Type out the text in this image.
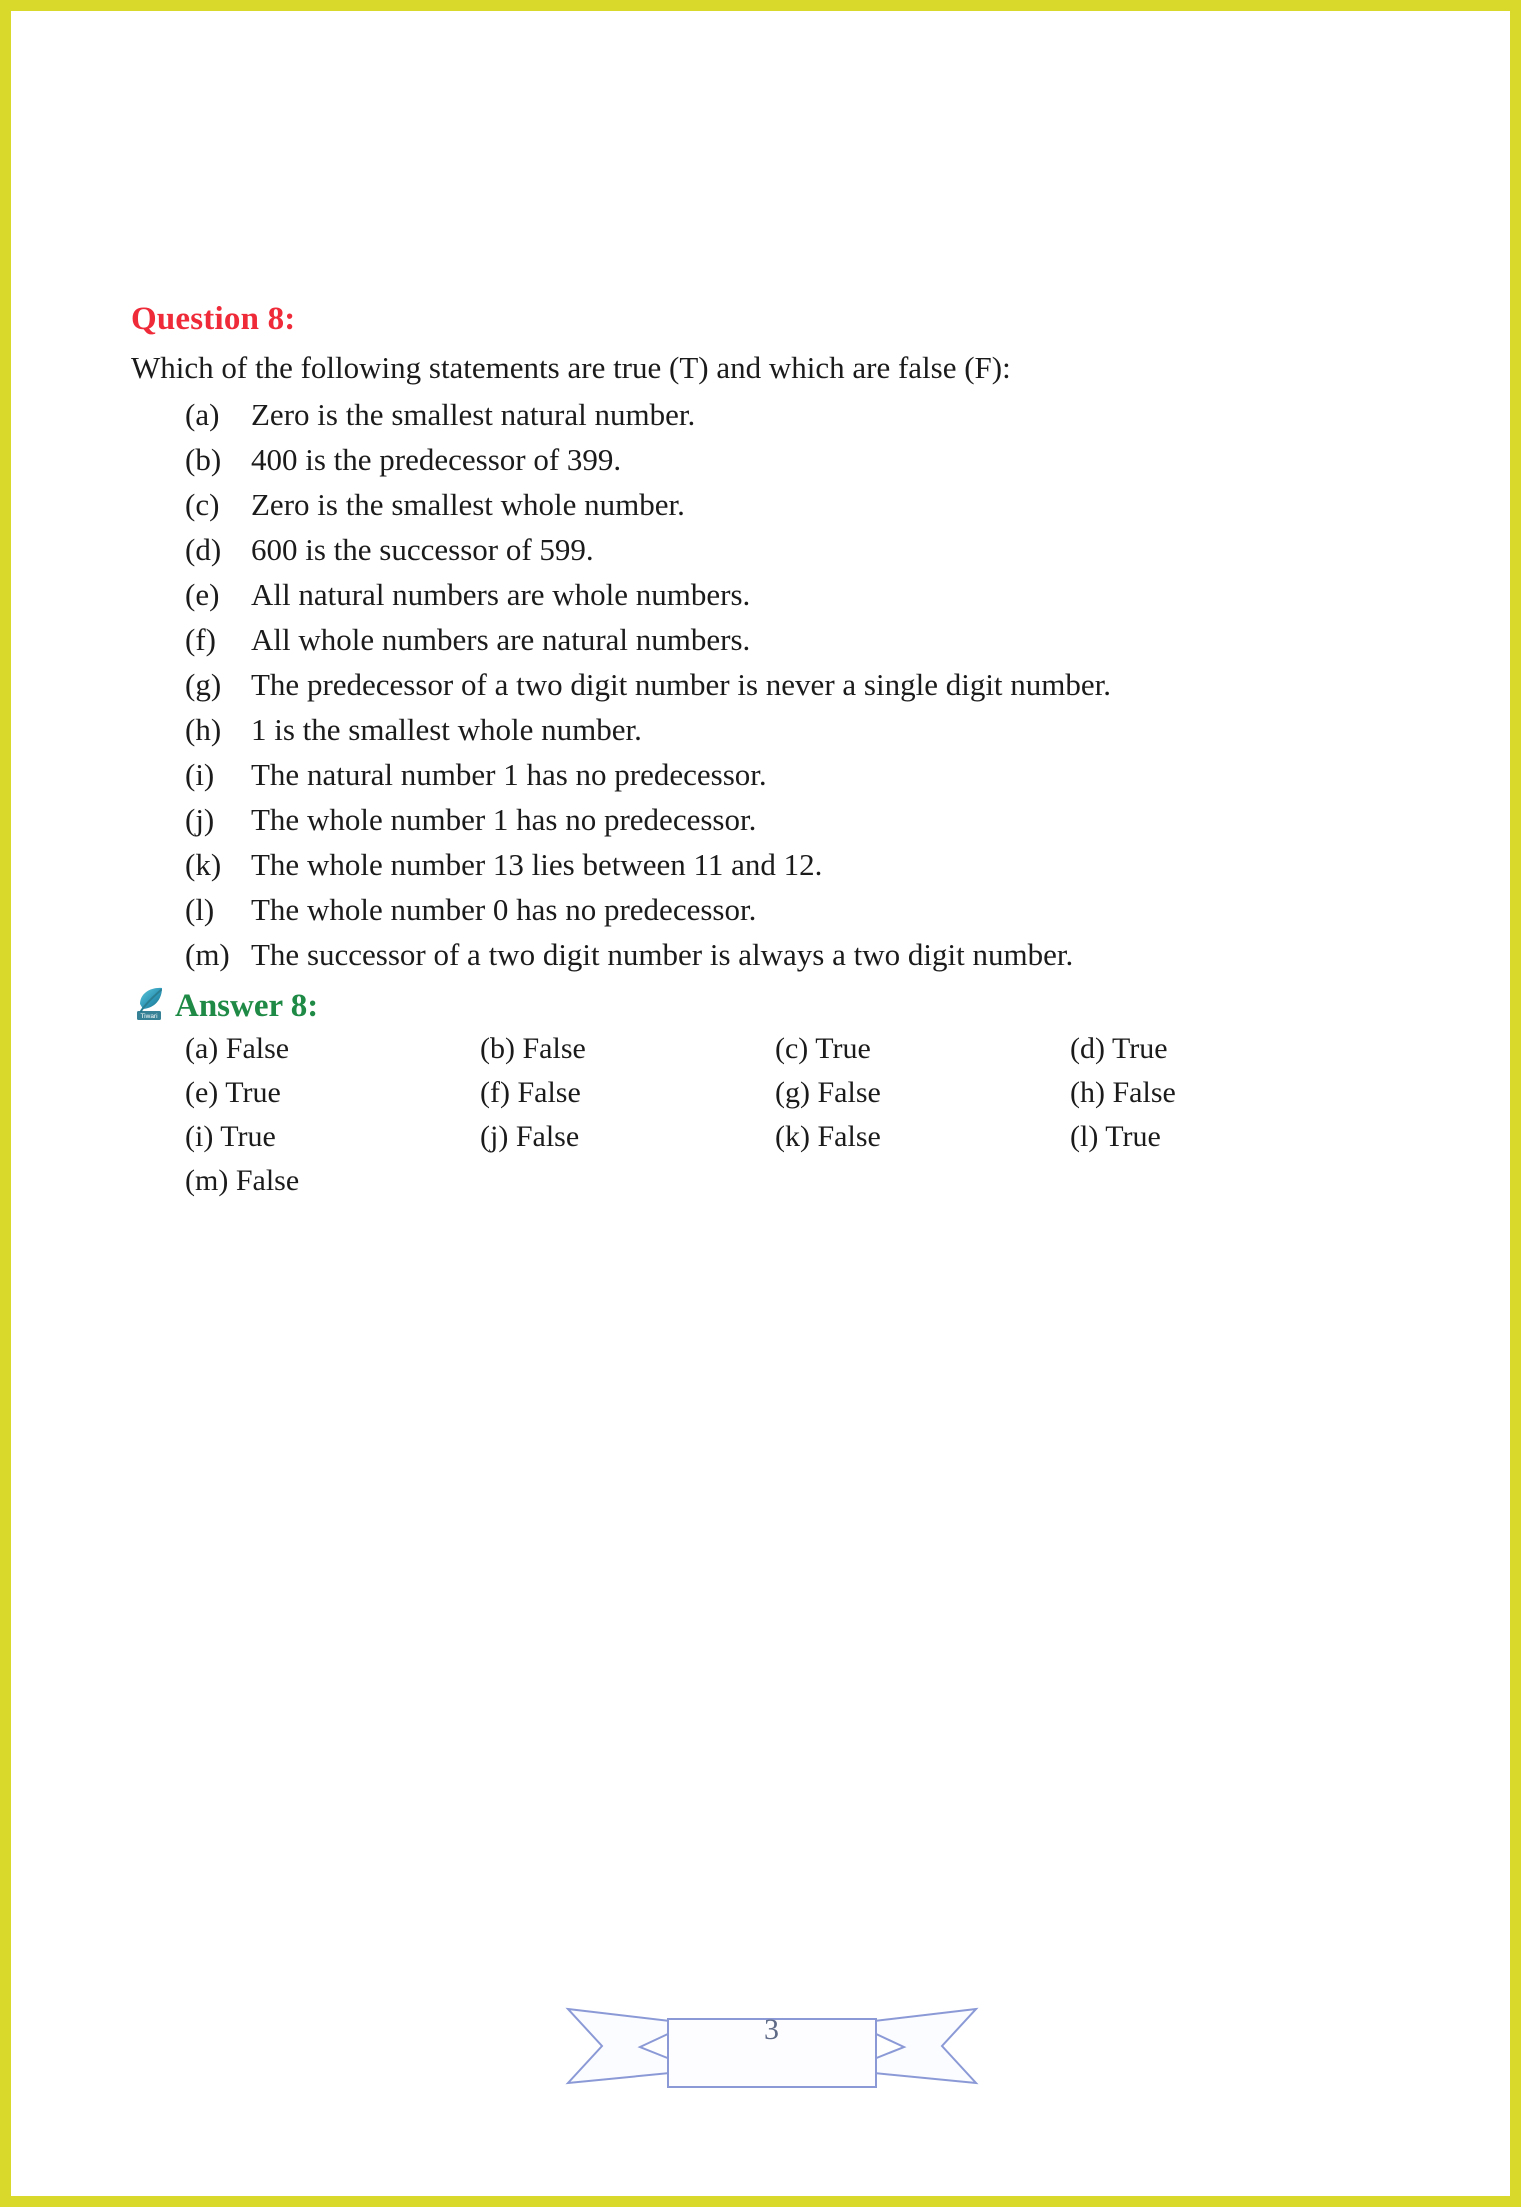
Question 8:
Which of the following statements are true (T) and which are false (F):
(a)	Zero is the smallest natural number.
(b) 400 is the predecessor of 399.
(c)	Zero is the smallest whole number.
(d) 600 is the successor of 599.
(e)	All natural numbers are whole numbers.
(f)	All whole numbers are natural numbers.
(g) The predecessor of a two digit number is never a single digit number.
(h) 1 is the smallest whole number.
(i)	The natural number 1 has no predecessor.
(j)	The whole number 1 has no predecessor.
(k) The whole number 13 lies between 11 and 12.
(l)	The whole number 0 has no predecessor.
(m) The successor of a two digit number is always a two digit number.
Tiwari Answer 8:
(a) False	(b) False	(c) True	(d) True
(e) True	(f) False	(g) False	(h) False
(i) True	(j) False	(k) False	(l) True
(m) False
3
